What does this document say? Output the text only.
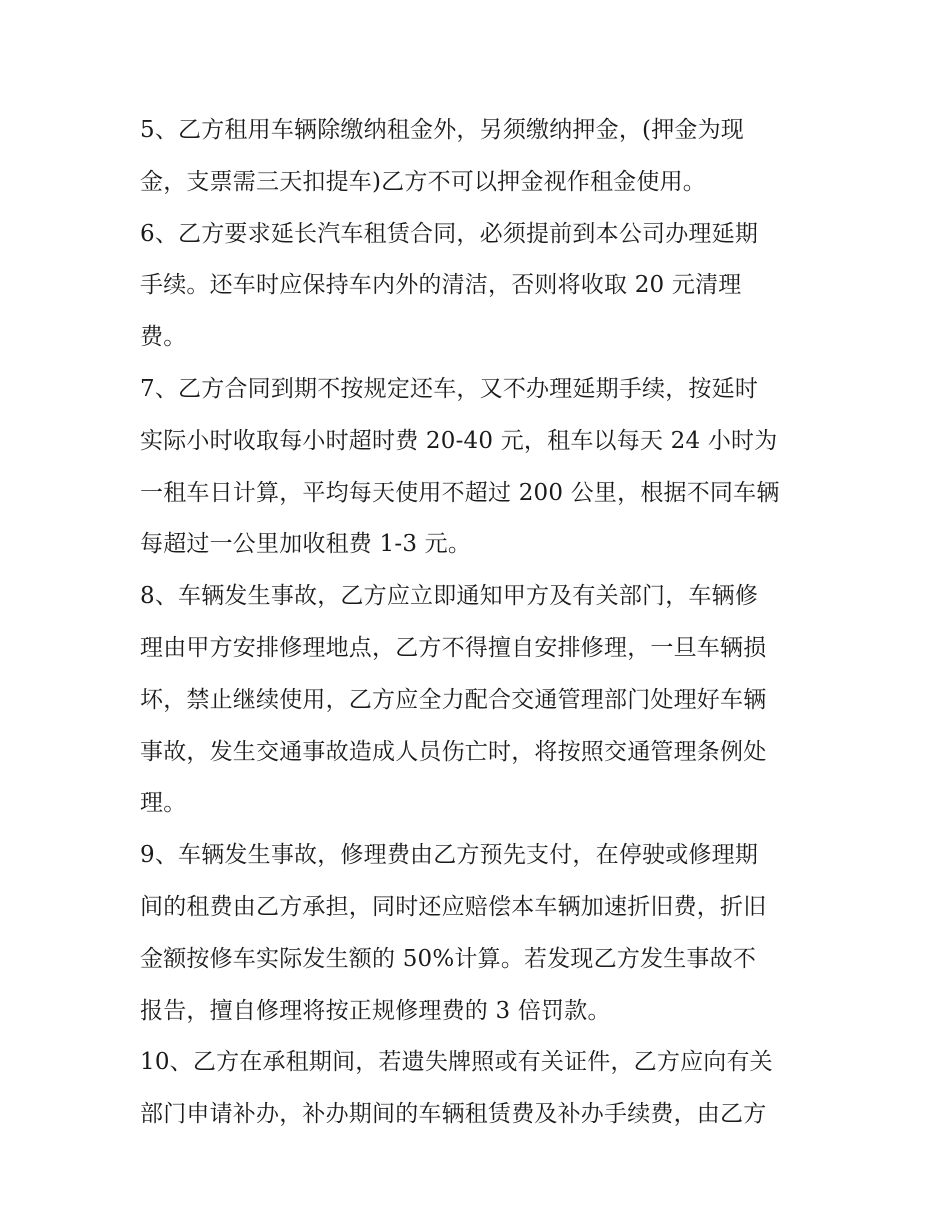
5、乙方租用车辆除缴纳租金外，另须缴纳押金，(押金为现
金，支票需三天扣提车)乙方不可以押金视作租金使用。
6、乙方要求延长汽车租赁合同，必须提前到本公司办理延期
手续。还车时应保持车内外的清洁，否则将收取 20 元清理
费。
7、乙方合同到期不按规定还车，又不办理延期手续，按延时
实际小时收取每小时超时费 20-40 元，租车以每天 24 小时为
一租车日计算，平均每天使用不超过 200 公里，根据不同车辆
每超过一公里加收租费 1-3 元。
8、车辆发生事故，乙方应立即通知甲方及有关部门，车辆修
理由甲方安排修理地点，乙方不得擅自安排修理，一旦车辆损
坏，禁止继续使用，乙方应全力配合交通管理部门处理好车辆
事故，发生交通事故造成人员伤亡时，将按照交通管理条例处
理。
9、车辆发生事故，修理费由乙方预先支付，在停驶或修理期
间的租费由乙方承担，同时还应赔偿本车辆加速折旧费，折旧
金额按修车实际发生额的 50%计算。若发现乙方发生事故不
报告，擅自修理将按正规修理费的 3 倍罚款。
10、乙方在承租期间，若遗失牌照或有关证件，乙方应向有关
部门申请补办，补办期间的车辆租赁费及补办手续费，由乙方
